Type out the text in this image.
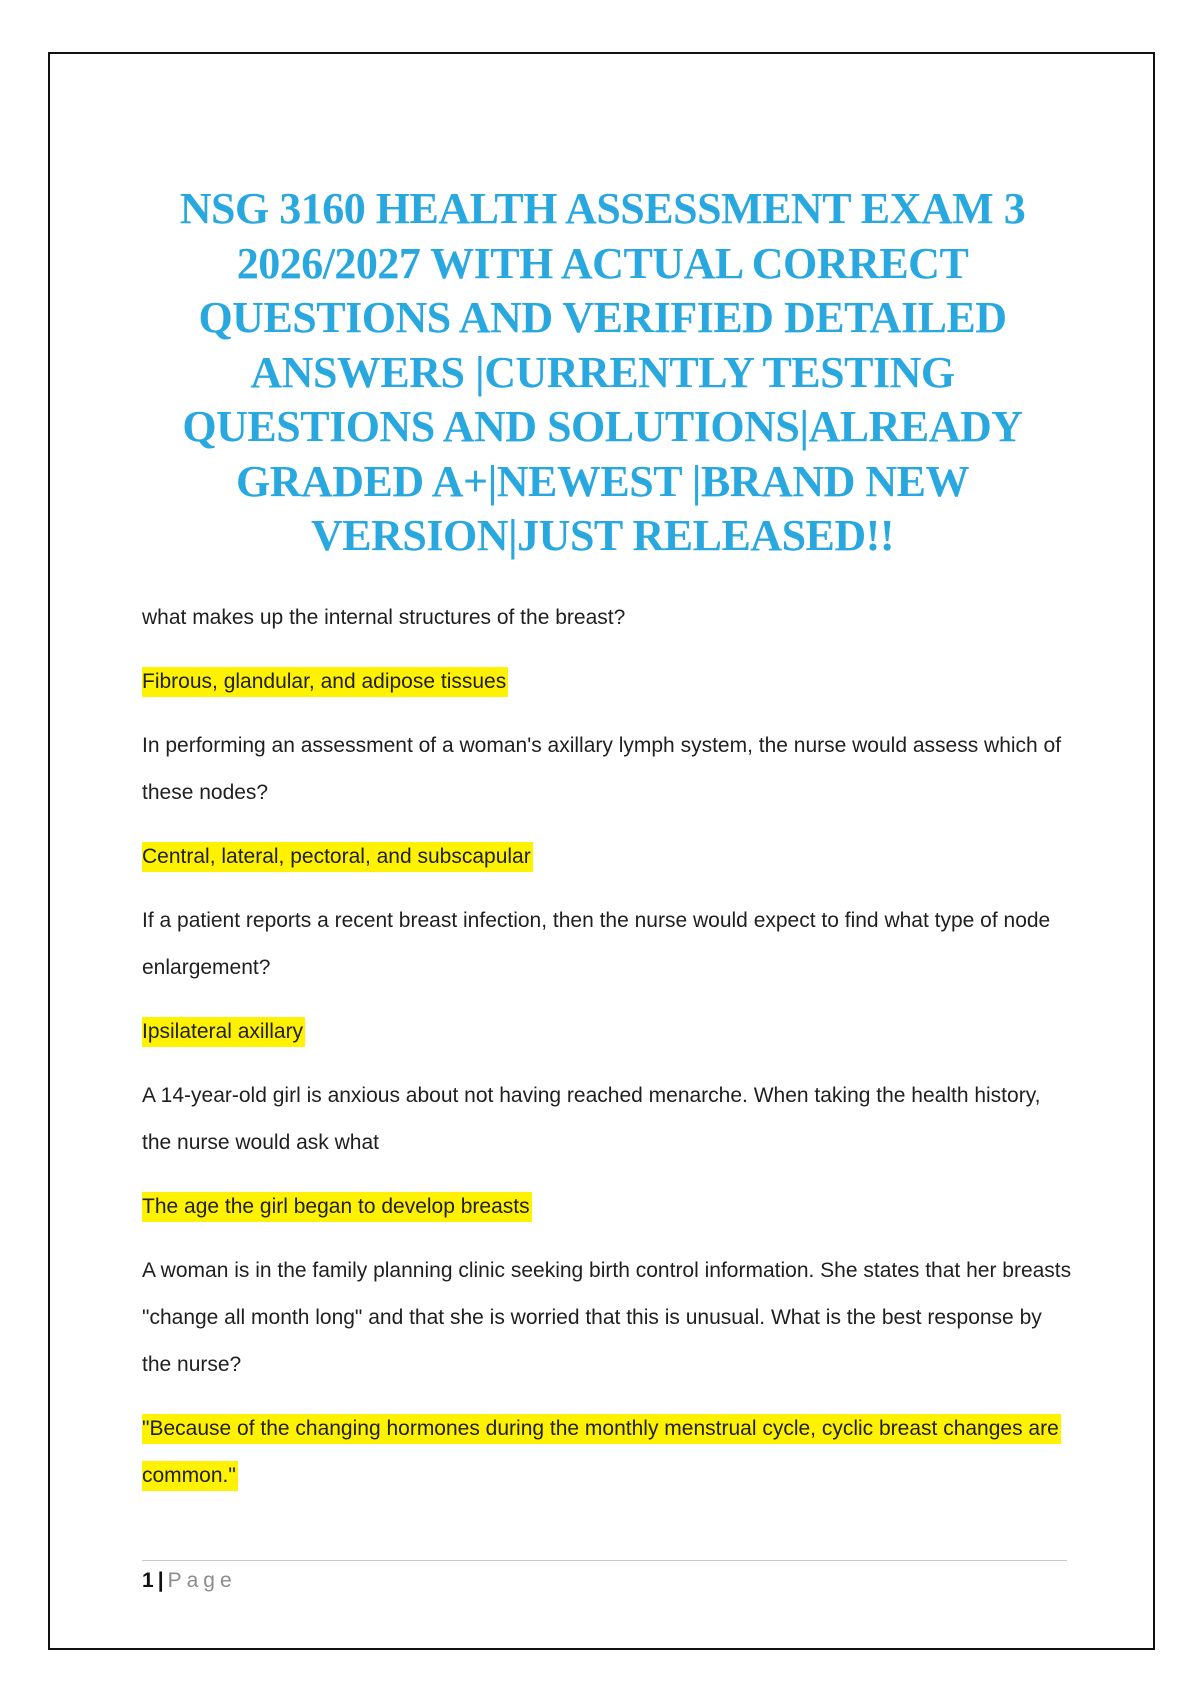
NSG 3160 HEALTH ASSESSMENT EXAM 3 2026/2027 WITH ACTUAL CORRECT QUESTIONS AND VERIFIED DETAILED ANSWERS |CURRENTLY TESTING QUESTIONS AND SOLUTIONS|ALREADY GRADED A+|NEWEST |BRAND NEW VERSION|JUST RELEASED!!

what makes up the internal structures of the breast?

Fibrous, glandular, and adipose tissues

In performing an assessment of a woman's axillary lymph system, the nurse would assess which of these nodes?

Central, lateral, pectoral, and subscapular

If a patient reports a recent breast infection, then the nurse would expect to find what type of node enlargement?

Ipsilateral axillary

A 14-year-old girl is anxious about not having reached menarche. When taking the health history, the nurse would ask what

The age the girl began to develop breasts

A woman is in the family planning clinic seeking birth control information. She states that her breasts "change all month long" and that she is worried that this is unusual. What is the best response by the nurse?

"Because of the changing hormones during the monthly menstrual cycle, cyclic breast changes are common."

1 | Page
